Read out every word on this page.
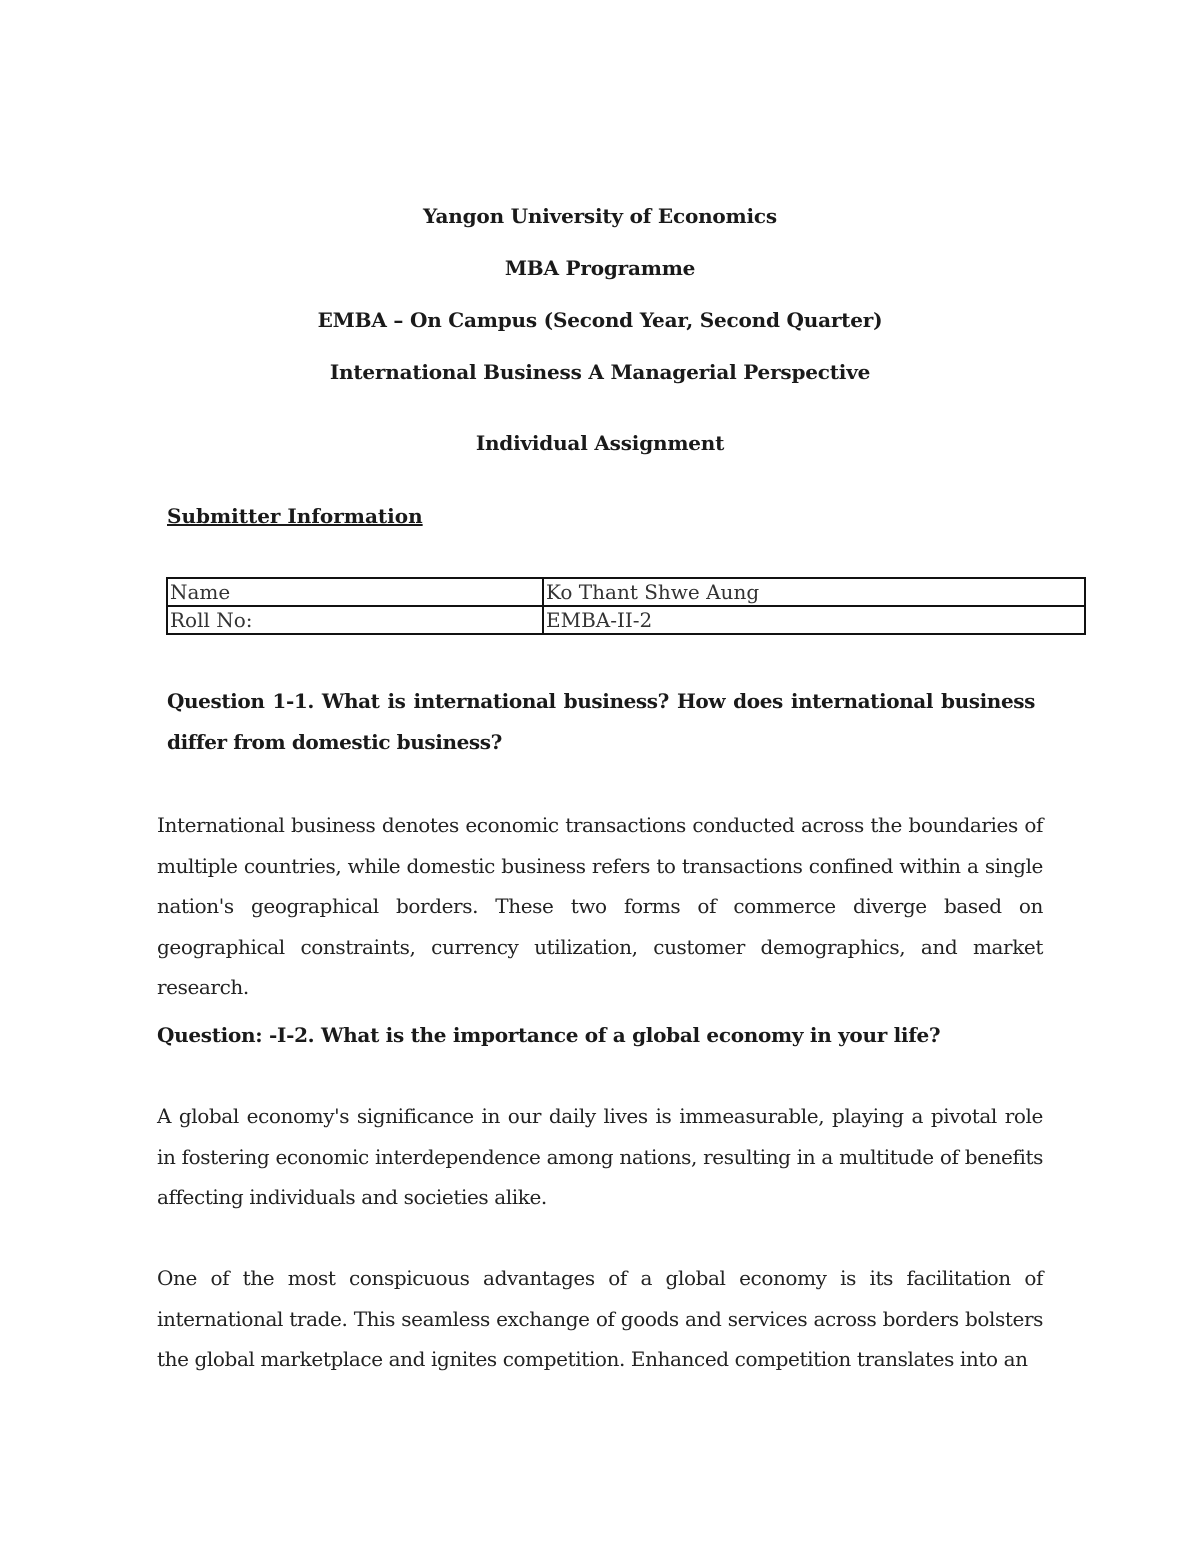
Yangon University of Economics
MBA Programme
EMBA – On Campus (Second Year, Second Quarter)
International Business A Managerial Perspective
Individual Assignment
Submitter Information
Name	Ko Thant Shwe Aung
Roll No:	EMBA-II-2
Question 1-1. What is international business? How does international business differ from domestic business?
International business denotes economic transactions conducted across the boundaries of multiple countries, while domestic business refers to transactions confined within a single nation's geographical borders. These two forms of commerce diverge based on geographical constraints, currency utilization, customer demographics, and market research.
Question: -I-2. What is the importance of a global economy in your life?
A global economy's significance in our daily lives is immeasurable, playing a pivotal role in fostering economic interdependence among nations, resulting in a multitude of benefits affecting individuals and societies alike.
One of the most conspicuous advantages of a global economy is its facilitation of international trade. This seamless exchange of goods and services across borders bolsters the global marketplace and ignites competition. Enhanced competition translates into an
